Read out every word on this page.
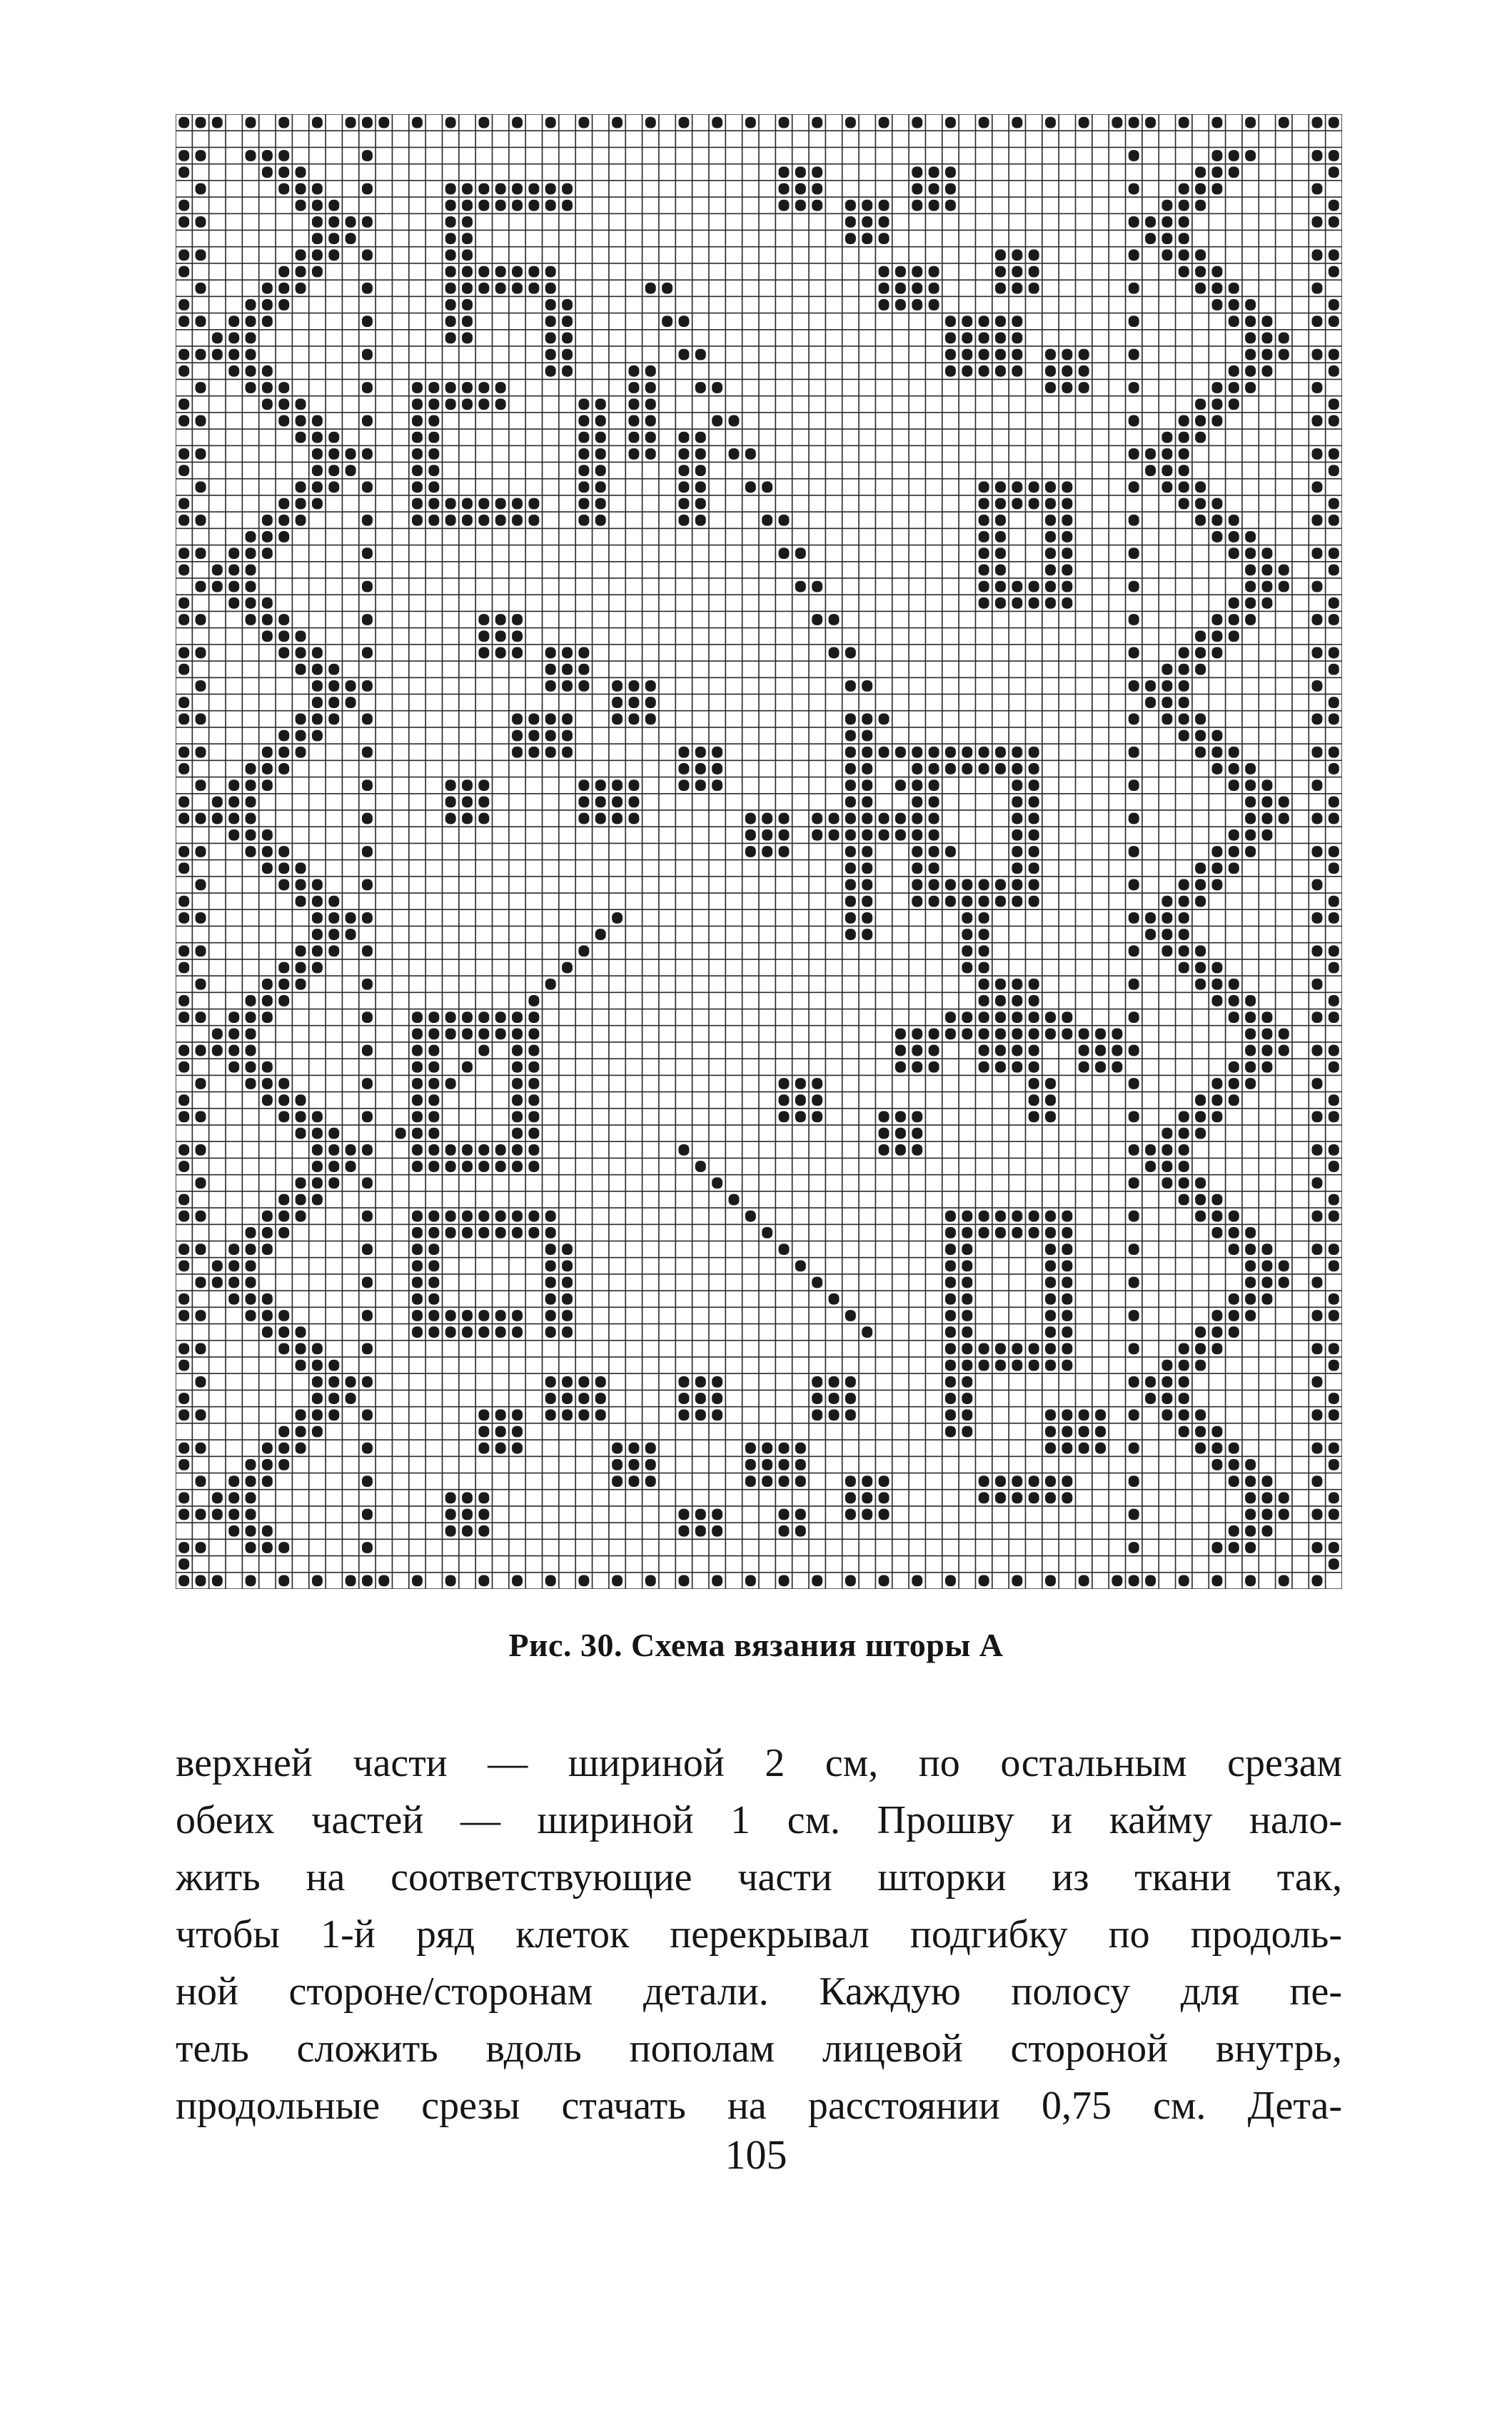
Рис. 30. Схема вязания шторы А
верхней части — шириной 2 см, по остальным срезам
обеих частей — шириной 1 см. Прошву и кайму нало-
жить на соответствующие части шторки из ткани так,
чтобы 1-й ряд клеток перекрывал подгибку по продоль-
ной стороне/сторонам детали. Каждую полосу для пе-
тель сложить вдоль пополам лицевой стороной внутрь,
продольные срезы стачать на расстоянии 0,75 см. Дета-
105
